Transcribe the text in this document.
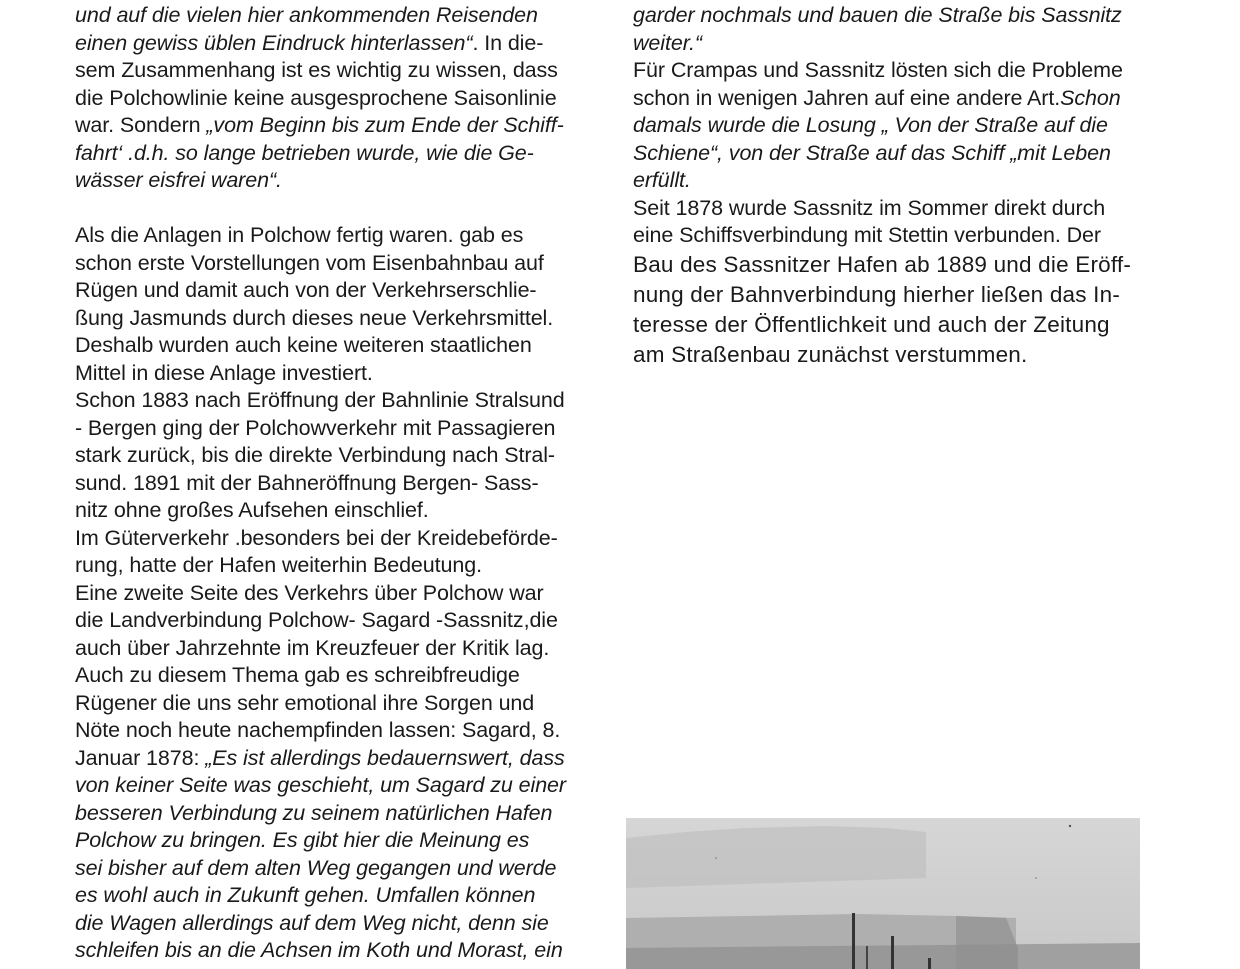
und auf die vielen hier ankommenden Reisenden
einen gewiss üblen Eindruck hinterlassen“. In die-
sem Zusammenhang ist es wichtig zu wissen, dass
die Polchowlinie keine ausgesprochene Saisonlinie
war. Sondern „vom Beginn bis zum Ende der Schiff-
fahrt‘ .d.h. so lange betrieben wurde, wie die Ge-
wässer eisfrei waren“.
Als die Anlagen in Polchow fertig waren. gab es
schon erste Vorstellungen vom Eisenbahnbau auf
Rügen und damit auch von der Verkehrserschlie-
ßung Jasmunds durch dieses neue Verkehrsmittel.
Deshalb wurden auch keine weiteren staatlichen
Mittel in diese Anlage investiert.
Schon 1883 nach Eröffnung der Bahnlinie Stralsund
- Bergen ging der Polchowverkehr mit Passagieren
stark zurück, bis die direkte Verbindung nach Stral-
sund. 1891 mit der Bahneröffnung Bergen- Sass-
nitz ohne großes Aufsehen einschlief.
Im Güterverkehr .besonders bei der Kreidebeförde-
rung, hatte der Hafen weiterhin Bedeutung.
Eine zweite Seite des Verkehrs über Polchow war
die Landverbindung Polchow- Sagard -Sassnitz,die
auch über Jahrzehnte im Kreuzfeuer der Kritik lag.
Auch zu diesem Thema gab es schreibfreudige
Rügener die uns sehr emotional ihre Sorgen und
Nöte noch heute nachempfinden lassen: Sagard, 8.
Januar 1878: „Es ist allerdings bedauernswert, dass
von keiner Seite was geschieht, um Sagard zu einer
besseren Verbindung zu seinem natürlichen Hafen
Polchow zu bringen. Es gibt hier die Meinung es
sei bisher auf dem alten Weg gegangen und werde
es wohl auch in Zukunft gehen. Umfallen können
die Wagen allerdings auf dem Weg nicht, denn sie
schleifen bis an die Achsen im Koth und Morast, ein
garder nochmals und bauen die Straße bis Sassnitz
weiter.“
Für Crampas und Sassnitz lösten sich die Probleme
schon in wenigen Jahren auf eine andere Art.Schon
damals wurde die Losung „ Von der Straße auf die
Schiene“, von der Straße auf das Schiff „mit Leben
erfüllt.
Seit 1878 wurde Sassnitz im Sommer direkt durch
eine Schiffsverbindung mit Stettin verbunden. Der
Bau des Sassnitzer Hafen ab 1889 und die Eröff-
nung der Bahnverbindung hierher ließen das In-
teresse der Öffentlichkeit und auch der Zeitung
am Straßenbau zunächst verstummen.
